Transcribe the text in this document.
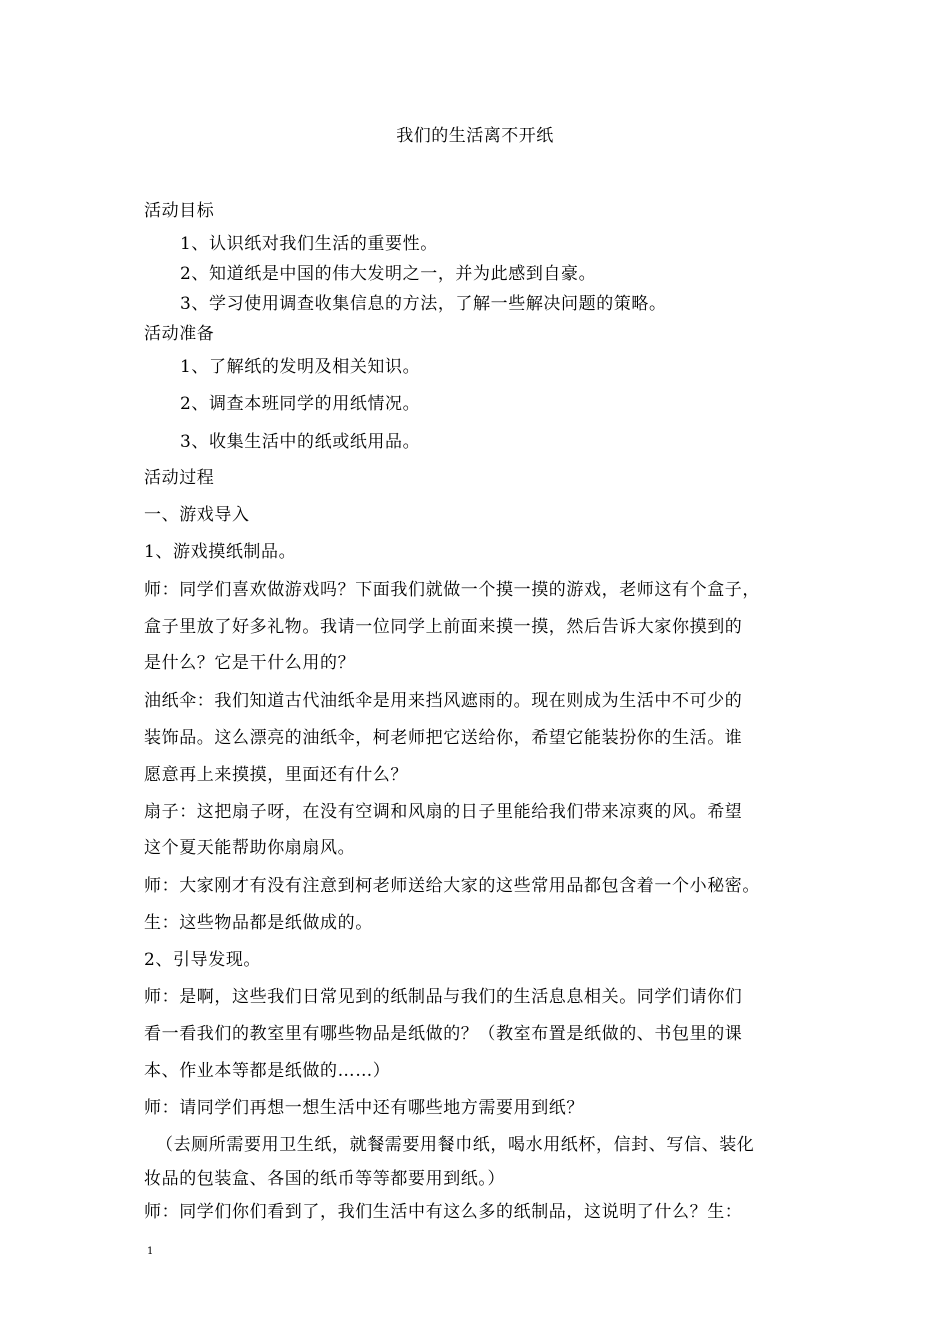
我们的生活离不开纸
活动目标
1、认识纸对我们生活的重要性。
2、知道纸是中国的伟大发明之一，并为此感到自豪。
3、学习使用调查收集信息的方法，了解一些解决问题的策略。
活动准备
1、了解纸的发明及相关知识。
2、调查本班同学的用纸情况。
3、收集生活中的纸或纸用品。
活动过程
一、游戏导入
1、游戏摸纸制品。
师：同学们喜欢做游戏吗？下面我们就做一个摸一摸的游戏，老师这有个盒子，
盒子里放了好多礼物。我请一位同学上前面来摸一摸，然后告诉大家你摸到的
是什么？它是干什么用的？
油纸伞：我们知道古代油纸伞是用来挡风遮雨的。现在则成为生活中不可少的
装饰品。这么漂亮的油纸伞，柯老师把它送给你，希望它能装扮你的生活。谁
愿意再上来摸摸，里面还有什么？
扇子：这把扇子呀，在没有空调和风扇的日子里能给我们带来凉爽的风。希望
这个夏天能帮助你扇扇风。
师：大家刚才有没有注意到柯老师送给大家的这些常用品都包含着一个小秘密。
生：这些物品都是纸做成的。
2、引导发现。
师：是啊，这些我们日常见到的纸制品与我们的生活息息相关。同学们请你们
看一看我们的教室里有哪些物品是纸做的？（教室布置是纸做的、书包里的课
本、作业本等都是纸做的……）
师：请同学们再想一想生活中还有哪些地方需要用到纸？
（去厕所需要用卫生纸，就餐需要用餐巾纸，喝水用纸杯，信封、写信、装化
妆品的包装盒、各国的纸币等等都要用到纸。）
师：同学们你们看到了，我们生活中有这么多的纸制品，这说明了什么？生：
1
